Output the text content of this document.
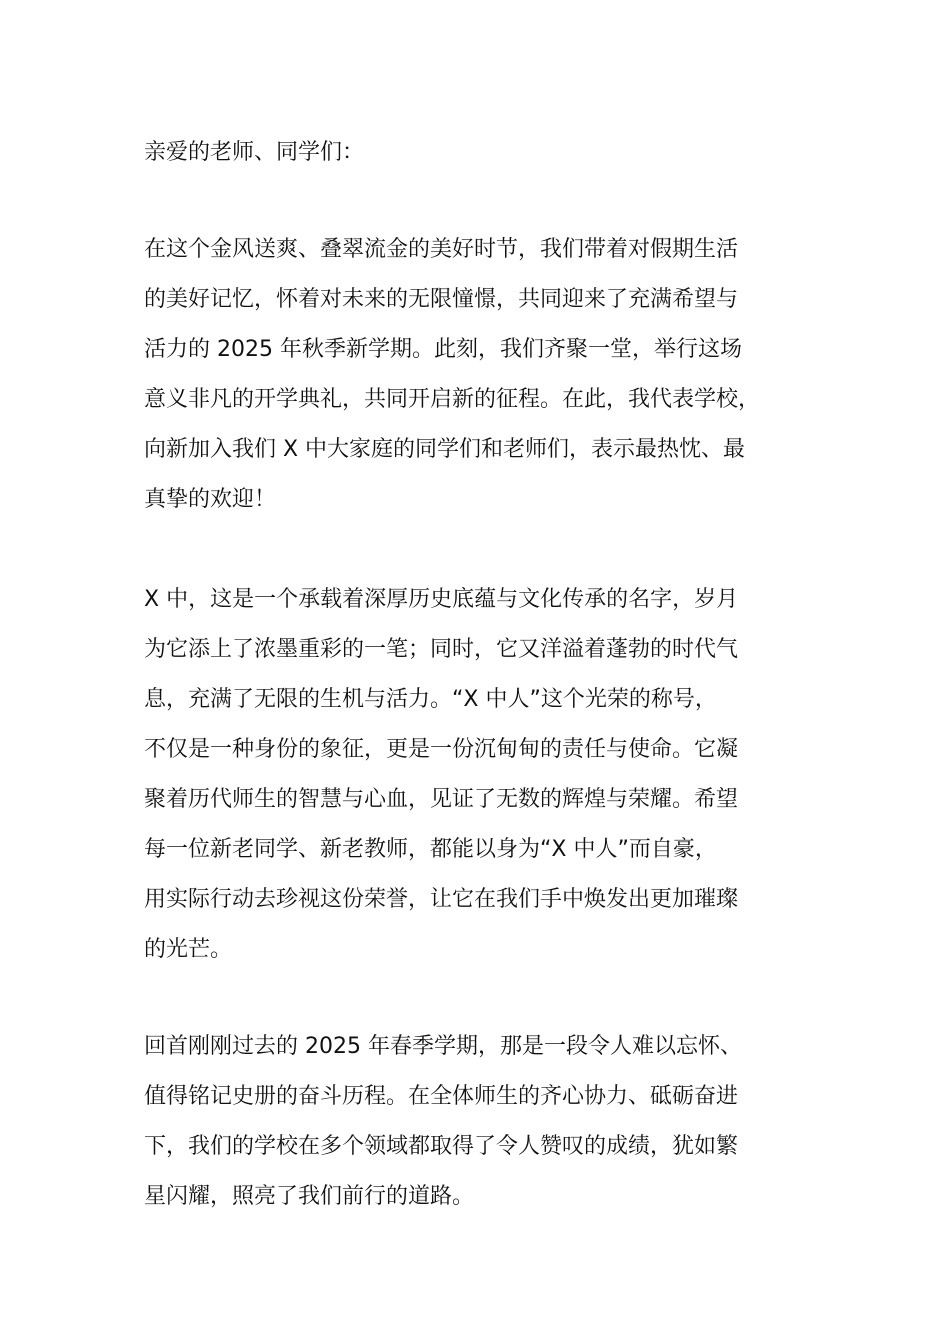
亲爱的老师、同学们：
在这个金风送爽、叠翠流金的美好时节，我们带着对假期生活
的美好记忆，怀着对未来的无限憧憬，共同迎来了充满希望与
活力的 2025 年秋季新学期。此刻，我们齐聚一堂，举行这场
意义非凡的开学典礼，共同开启新的征程。在此，我代表学校，
向新加入我们 X 中大家庭的同学们和老师们，表示最热忱、最
真挚的欢迎！
X 中，这是一个承载着深厚历史底蕴与文化传承的名字，岁月
为它添上了浓墨重彩的一笔；同时，它又洋溢着蓬勃的时代气
息，充满了无限的生机与活力。“X 中人”这个光荣的称号，
不仅是一种身份的象征，更是一份沉甸甸的责任与使命。它凝
聚着历代师生的智慧与心血，见证了无数的辉煌与荣耀。希望
每一位新老同学、新老教师，都能以身为“X 中人”而自豪，
用实际行动去珍视这份荣誉，让它在我们手中焕发出更加璀璨
的光芒。
回首刚刚过去的 2025 年春季学期，那是一段令人难以忘怀、
值得铭记史册的奋斗历程。在全体师生的齐心协力、砥砺奋进
下，我们的学校在多个领域都取得了令人赞叹的成绩，犹如繁
星闪耀，照亮了我们前行的道路。
